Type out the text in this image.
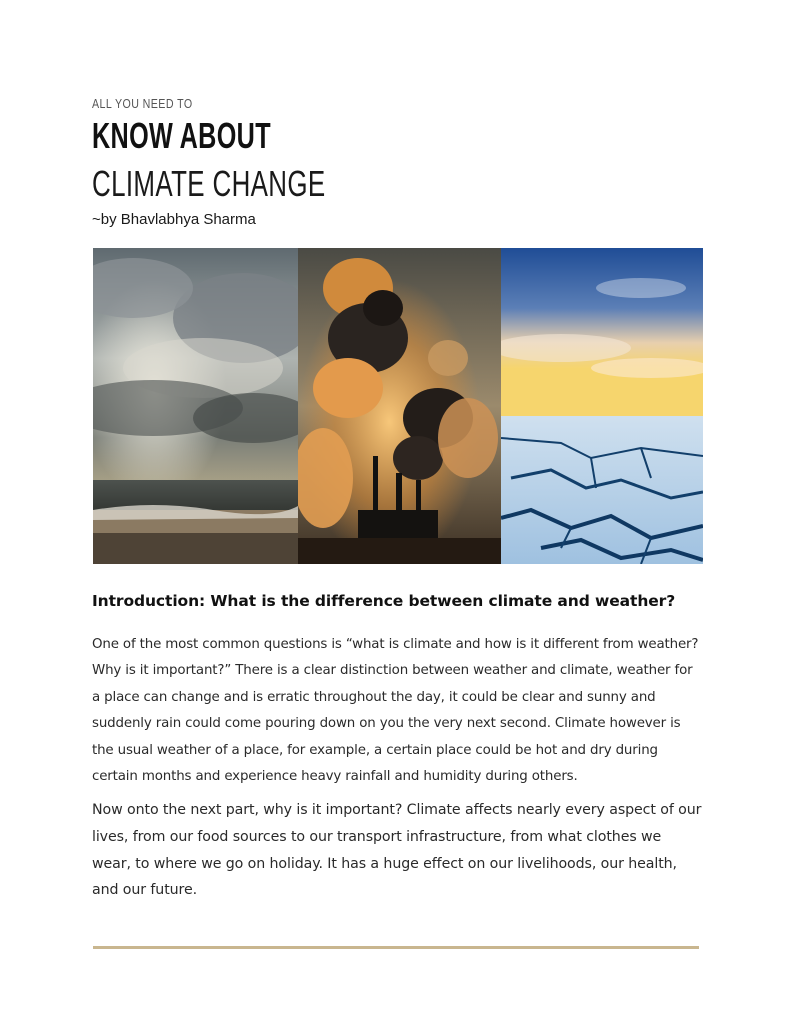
ALL YOU NEED TO
KNOW ABOUT
CLIMATE CHANGE
~by Bhavlabhya Sharma
Introduction: What is the difference between climate and weather?

One of the most common questions is “what is climate and how is it different from weather? Why is it important?” There is a clear distinction between weather and climate, weather for a place can change and is erratic throughout the day, it could be clear and sunny and suddenly rain could come pouring down on you the very next second. Climate however is the usual weather of a place, for example, a certain place could be hot and dry during certain months and experience heavy rainfall and humidity during others.

Now onto the next part, why is it important? Climate affects nearly every aspect of our lives, from our food sources to our transport infrastructure, from what clothes we wear, to where we go on holiday. It has a huge effect on our livelihoods, our health, and our future.
